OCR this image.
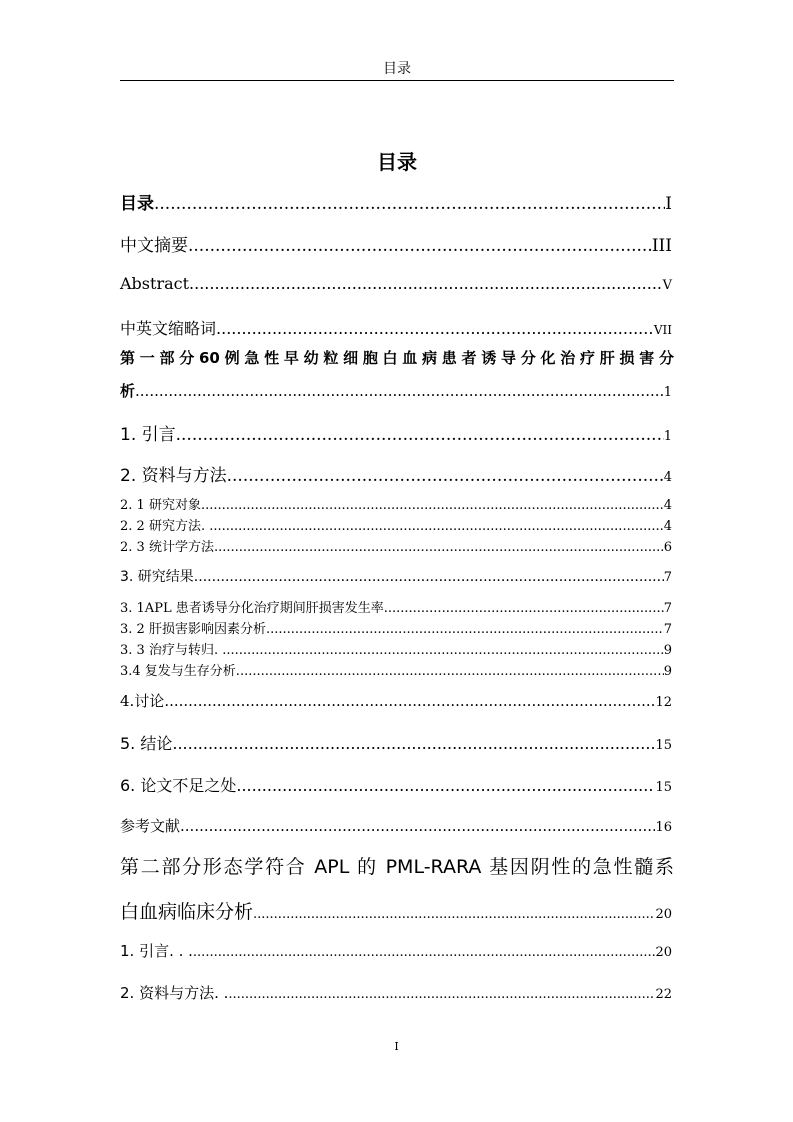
目录
目录
目录 .....	I
中文摘要 .....	III
Abstract .....	V
中英文缩略词 .....	VII
第一部分60例急性早幼粒细胞白血病患者诱导分化治疗肝损害分
析 .....	1
1. 引言. .....	1
2. 资料与方法. .....	4
2. 1 研究对象 .....	4
2. 2 研究方法. . .....	4
2. 3 统计学方法. .....	6
3. 研究结果. .....	7
3. 1APL 患者诱导分化治疗期间肝损害发生率. .....	7
3. 2 肝损害影响因素分析. .....	7
3. 3 治疗与转归. . .....	9
3.4 复发与生存分析. .....	9
4.讨论 .....	12
5. 结论 .....	15
6. 论文不足之处. .....	15
参考文献. .....	16
第二部分形态学符合 APL 的 PML-RARA 基因阴性的急性髓系
白血病临床分析 .....	20
1. 引言. . . .....	20
2. 资料与方法. . .....	22
I
